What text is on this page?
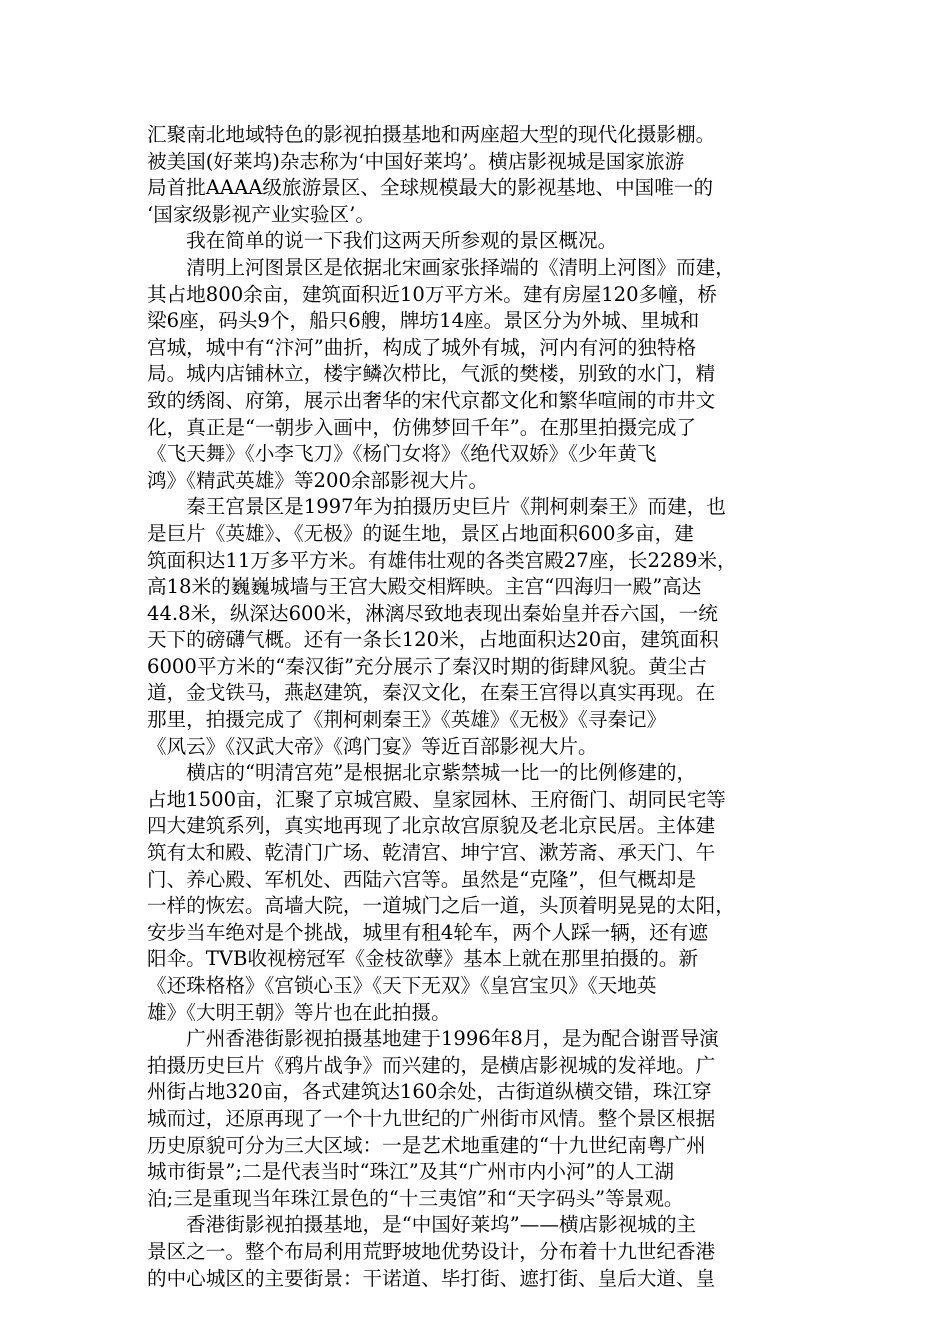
汇聚南北地域特色的影视拍摄基地和两座超大型的现代化摄影棚。
被美国(好莱坞)杂志称为‘中国好莱坞’。横店影视城是国家旅游
局首批AAAA级旅游景区、全球规模最大的影视基地、中国唯一的
‘国家级影视产业实验区’。
　　我在简单的说一下我们这两天所参观的景区概况。
　　清明上河图景区是依据北宋画家张择端的《清明上河图》而建，
其占地800余亩，建筑面积近10万平方米。建有房屋120多幢，桥
梁6座，码头9个，船只6艘，牌坊14座。景区分为外城、里城和
宫城，城中有“汴河”曲折，构成了城外有城，河内有河的独特格
局。城内店铺林立，楼宇鳞次栉比，气派的樊楼，别致的水门，精
致的绣阁、府第，展示出奢华的宋代京都文化和繁华喧闹的市井文
化，真正是“一朝步入画中，仿佛梦回千年”。在那里拍摄完成了
《飞天舞》《小李飞刀》《杨门女将》《绝代双娇》《少年黄飞
鸿》《精武英雄》等200余部影视大片。
　　秦王宫景区是1997年为拍摄历史巨片《荆柯刺秦王》而建，也
是巨片《英雄》、《无极》的诞生地，景区占地面积600多亩，建
筑面积达11万多平方米。有雄伟壮观的各类宫殿27座，长2289米，
高18米的巍巍城墙与王宫大殿交相辉映。主宫“四海归一殿”高达
44.8米，纵深达600米，淋漓尽致地表现出秦始皇并吞六国，一统
天下的磅礴气概。还有一条长120米，占地面积达20亩，建筑面积
6000平方米的“秦汉街”充分展示了秦汉时期的街肆风貌。黄尘古
道，金戈铁马，燕赵建筑，秦汉文化，在秦王宫得以真实再现。在
那里，拍摄完成了《荆柯刺秦王》《英雄》《无极》《寻秦记》
《风云》《汉武大帝》《鸿门宴》等近百部影视大片。
　　横店的“明清宫苑”是根据北京紫禁城一比一的比例修建的，
占地1500亩，汇聚了京城宫殿、皇家园林、王府衙门、胡同民宅等
四大建筑系列，真实地再现了北京故宫原貌及老北京民居。主体建
筑有太和殿、乾清门广场、乾清宫、坤宁宫、漱芳斋、承天门、午
门、养心殿、军机处、西陆六宫等。虽然是“克隆”，但气概却是
一样的恢宏。高墙大院，一道城门之后一道，头顶着明晃晃的太阳，
安步当车绝对是个挑战，城里有租4轮车，两个人踩一辆，还有遮
阳伞。TVB收视榜冠军《金枝欲孽》基本上就在那里拍摄的。新
《还珠格格》《宫锁心玉》《天下无双》《皇宫宝贝》《天地英
雄》《大明王朝》等片也在此拍摄。
　　广州香港街影视拍摄基地建于1996年8月，是为配合谢晋导演
拍摄历史巨片《鸦片战争》而兴建的，是横店影视城的发祥地。广
州街占地320亩，各式建筑达160余处，古街道纵横交错，珠江穿
城而过，还原再现了一个十九世纪的广州街市风情。整个景区根据
历史原貌可分为三大区域：一是艺术地重建的“十九世纪南粤广州
城市街景”;二是代表当时“珠江”及其“广州市内小河”的人工湖
泊;三是重现当年珠江景色的“十三夷馆”和“天字码头”等景观。
　　香港街影视拍摄基地，是“中国好莱坞”——横店影视城的主
景区之一。整个布局利用荒野坡地优势设计，分布着十九世纪香港
的中心城区的主要街景：干诺道、毕打街、遮打街、皇后大道、皇
